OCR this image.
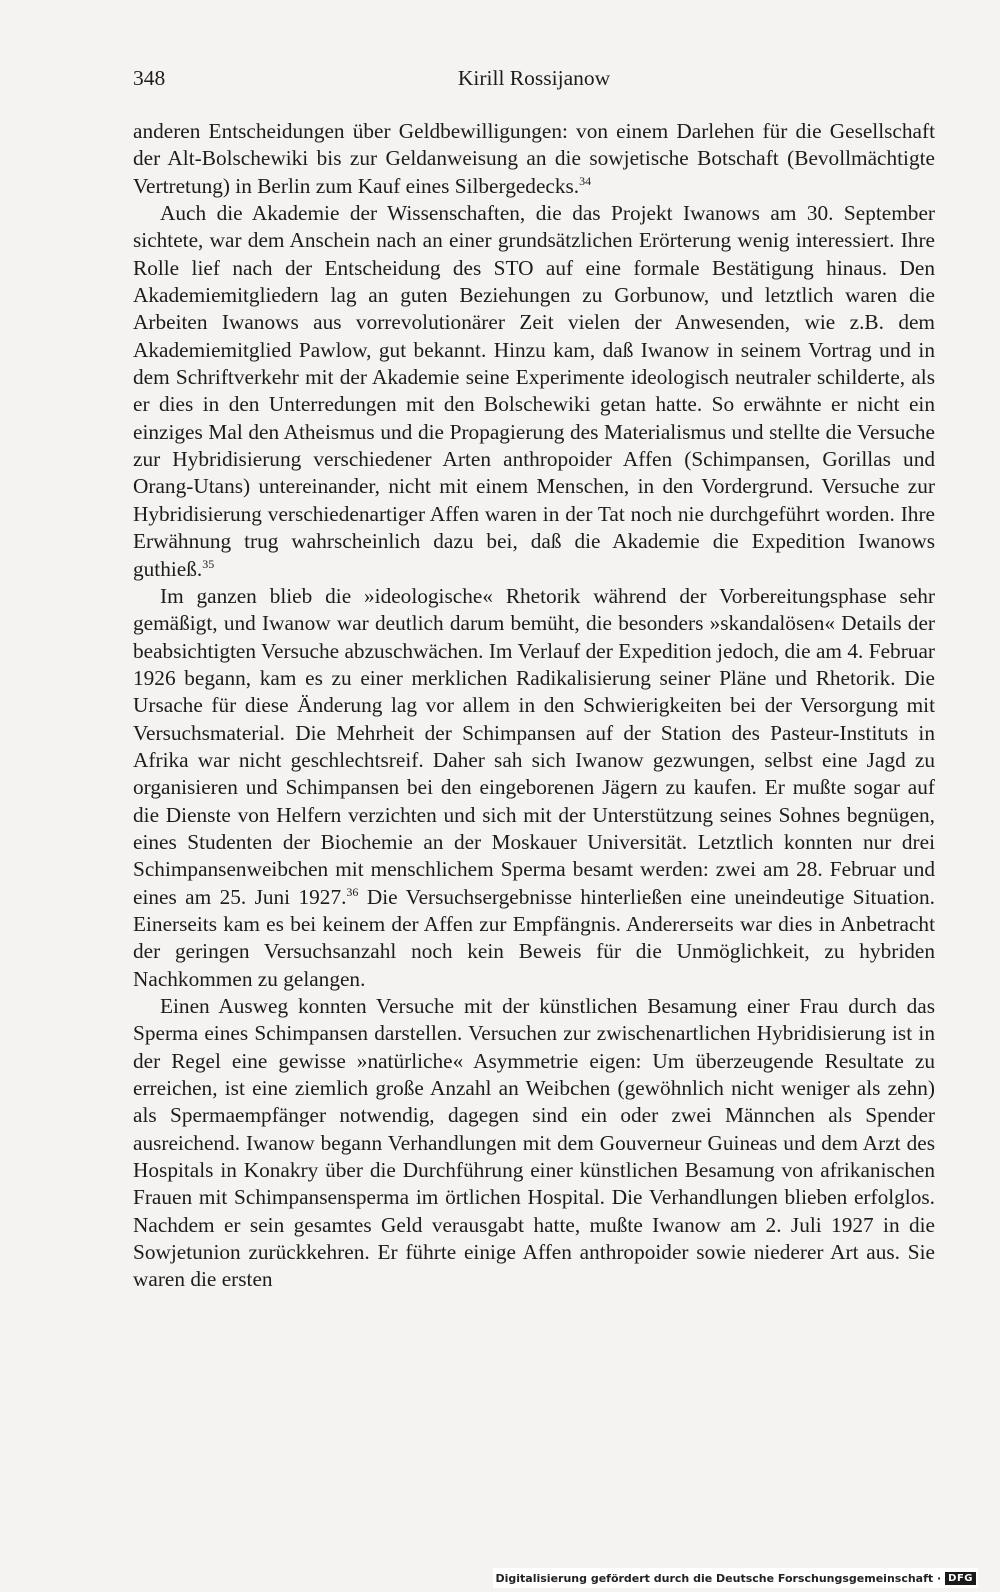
348	Kirill Rossijanow

anderen Entscheidungen über Geldbewilligungen: von einem Darlehen für die Gesellschaft der Alt-Bolschewiki bis zur Geldanweisung an die sowjetische Botschaft (Bevollmächtigte Vertretung) in Berlin zum Kauf eines Silbergedecks.$^{34}$

Auch die Akademie der Wissenschaften, die das Projekt Iwanows am 30. September sichtete, war dem Anschein nach an einer grundsätzlichen Erörterung wenig interessiert. Ihre Rolle lief nach der Entscheidung des STO auf eine formale Bestätigung hinaus. Den Akademiemitgliedern lag an guten Beziehungen zu Gorbunow, und letztlich waren die Arbeiten Iwanows aus vorrevolutionärer Zeit vielen der Anwesenden, wie z.B. dem Akademiemitglied Pawlow, gut bekannt. Hinzu kam, daß Iwanow in seinem Vortrag und in dem Schriftverkehr mit der Akademie seine Experimente ideologisch neutraler schilderte, als er dies in den Unterredungen mit den Bolschewiki getan hatte. So erwähnte er nicht ein einziges Mal den Atheismus und die Propagierung des Materialismus und stellte die Versuche zur Hybridisierung verschiedener Arten anthropoider Affen (Schimpansen, Gorillas und Orang-Utans) untereinander, nicht mit einem Menschen, in den Vordergrund. Versuche zur Hybridisierung verschiedenartiger Affen waren in der Tat noch nie durchgeführt worden. Ihre Erwähnung trug wahrscheinlich dazu bei, daß die Akademie die Expedition Iwanows guthieß.$^{35}$

Im ganzen blieb die »ideologische« Rhetorik während der Vorbereitungsphase sehr gemäßigt, und Iwanow war deutlich darum bemüht, die besonders »skandalösen« Details der beabsichtigten Versuche abzuschwächen. Im Verlauf der Expedition jedoch, die am 4. Februar 1926 begann, kam es zu einer merklichen Radikalisierung seiner Pläne und Rhetorik. Die Ursache für diese Änderung lag vor allem in den Schwierigkeiten bei der Versorgung mit Versuchsmaterial. Die Mehrheit der Schimpansen auf der Station des Pasteur-Instituts in Afrika war nicht geschlechtsreif. Daher sah sich Iwanow gezwungen, selbst eine Jagd zu organisieren und Schimpansen bei den eingeborenen Jägern zu kaufen. Er mußte sogar auf die Dienste von Helfern verzichten und sich mit der Unterstützung seines Sohnes begnügen, eines Studenten der Biochemie an der Moskauer Universität. Letztlich konnten nur drei Schimpansenweibchen mit menschlichem Sperma besamt werden: zwei am 28. Februar und eines am 25. Juni 1927.36 Die Versuchsergebnisse hinterließen eine uneindeutige Situation. Einerseits kam es bei keinem der Affen zur Empfängnis. Andererseits war dies in Anbetracht der geringen Versuchsanzahl noch kein Beweis für die Unmöglichkeit, zu hybriden Nachkommen zu gelangen.

Einen Ausweg konnten Versuche mit der künstlichen Besamung einer Frau durch das Sperma eines Schimpansen darstellen. Versuchen zur zwischenartlichen Hybridisierung ist in der Regel eine gewisse »natürliche« Asymmetrie eigen: Um überzeugende Resultate zu erreichen, ist eine ziemlich große Anzahl an Weibchen (gewöhnlich nicht weniger als zehn) als Spermaempfänger notwendig, dagegen sind ein oder zwei Männchen als Spender ausreichend. Iwanow begann Verhandlungen mit dem Gouverneur Guineas und dem Arzt des Hospitals in Konakry über die Durchführung einer künstlichen Besamung von afrikanischen Frauen mit Schimpansensperma im örtlichen Hospital. Die Verhandlungen blieben erfolglos. Nachdem er sein gesamtes Geld verausgabt hatte, mußte Iwanow am 2. Juli 1927 in die Sowjetunion zurückkehren. Er führte einige Affen anthropoider sowie niederer Art aus. Sie waren die ersten

Digitalisierung gefördert durch die Deutsche Forschungsgemeinschaft · DFG
